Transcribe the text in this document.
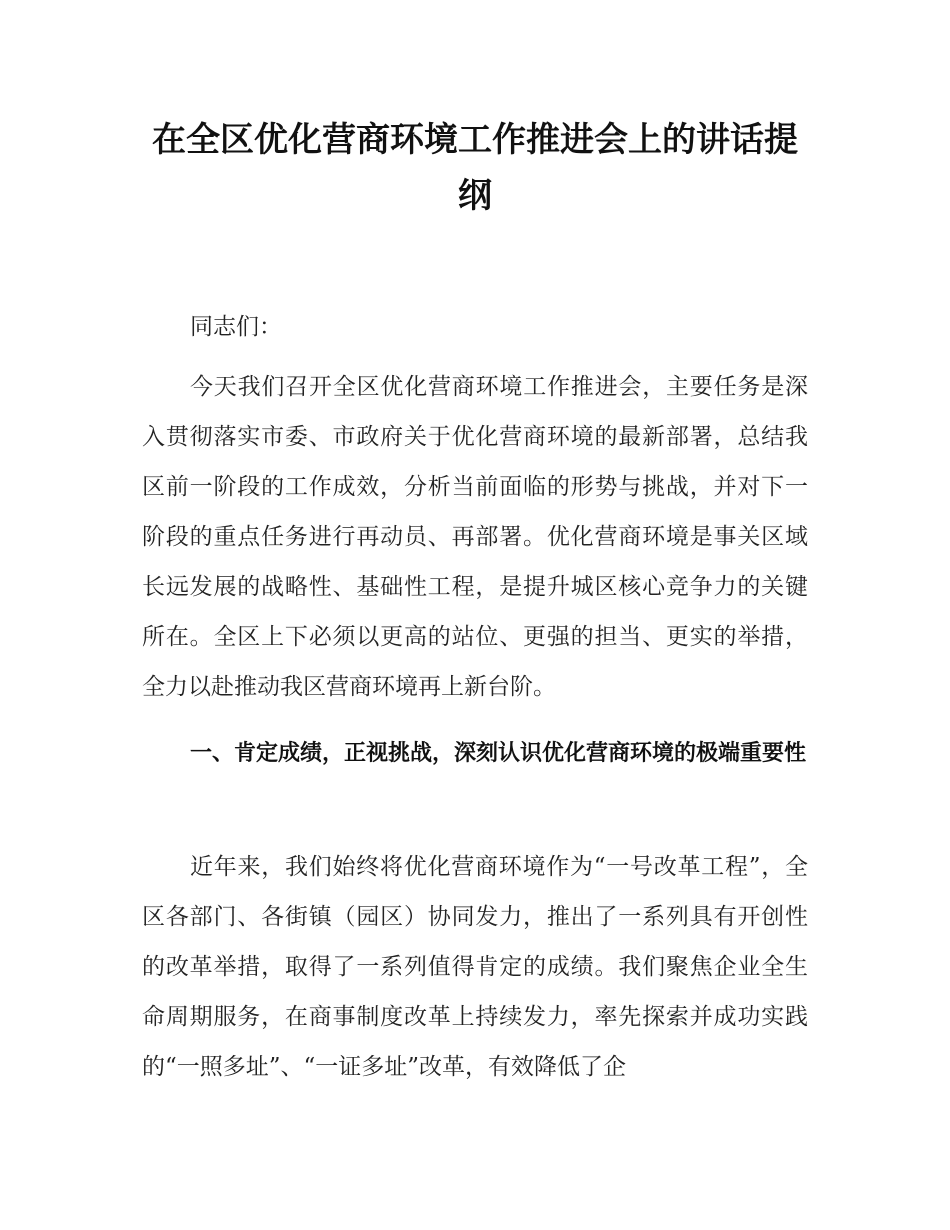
在全区优化营商环境工作推进会上的讲话提纲

同志们：

今天我们召开全区优化营商环境工作推进会，主要任务是深入贯彻落实市委、市政府关于优化营商环境的最新部署，总结我区前一阶段的工作成效，分析当前面临的形势与挑战，并对下一阶段的重点任务进行再动员、再部署。优化营商环境是事关区域长远发展的战略性、基础性工程，是提升城区核心竞争力的关键所在。全区上下必须以更高的站位、更强的担当、更实的举措，全力以赴推动我区营商环境再上新台阶。

一、肯定成绩，正视挑战，深刻认识优化营商环境的极端重要性

近年来，我们始终将优化营商环境作为“一号改革工程”，全区各部门、各街镇（园区）协同发力，推出了一系列具有开创性的改革举措，取得了一系列值得肯定的成绩。我们聚焦企业全生命周期服务，在商事制度改革上持续发力，率先探索并成功实践的“一照多址”、“一证多址”改革，有效降低了企
